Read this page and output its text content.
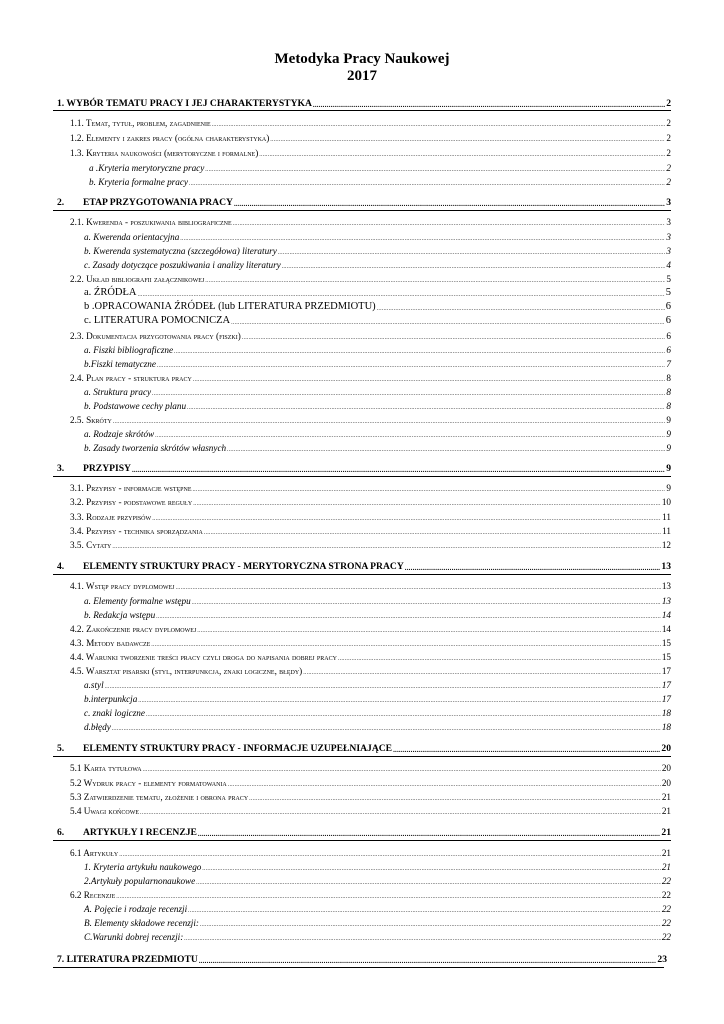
Metodyka Pracy Naukowej
2017
1. WYBÓR TEMATU PRACY I JEJ CHARAKTERYSTYKA .....	2
1.1. Temat, tytuł, problem, zagadnienie .....	2
1.2. Elementy i zakres pracy (ogólna charakterystyka) .....	2
1.3. Kryteria naukowości (merytoryczne i formalne) .....	2
a .Kryteria merytoryczne pracy .....	2
b. Kryteria formalne pracy .....	2
2.	ETAP PRZYGOTOWANIA PRACY .....	3
2.1. Kwerenda - poszukiwania bibliograficzne .....	3
a. Kwerenda orientacyjna .....	3
b. Kwerenda systematyczna (szczegółowa) literatury .....	3
c. Zasady dotyczące poszukiwania i analizy literatury .....	4
2.2. Układ bibliografii załącznikowej .....	5
a. ŹRÓDŁA .....	5
b .OPRACOWANIA ŹRÓDEŁ (lub LITERATURA PRZEDMIOTU) .....	6
c. LITERATURA POMOCNICZA .....	6
2.3. Dokumentacja przygotowania pracy (fiszki) .....	6
a. Fiszki bibliograficzne .....	6
b.Fiszki tematyczne .....	7
2.4. Plan pracy - struktura pracy .....	8
a. Struktura pracy .....	8
b. Podstawowe cechy planu .....	8
2.5. Skróty .....	9
a. Rodzaje skrótów .....	9
b. Zasady tworzenia skrótów własnych .....	9
3.	PRZYPISY .....	9
3.1. Przypisy - informacje wstępne .....	9
3.2. Przypisy - podstawowe reguły .....	10
3.3. Rodzaje przypisów .....	11
3.4. Przypisy - technika sporządzania .....	11
3.5. Cytaty .....	12
4.	ELEMENTY STRUKTURY PRACY - MERYTORYCZNA STRONA PRACY .....	13
4.1. Wstęp pracy dyplomowej .....	13
a. Elementy formalne wstępu .....	13
b. Redakcja wstępu .....	14
4.2. Zakończenie pracy dyplomowej .....	14
4.3. Metody badawcze .....	15
4.4. Warunki tworzenie treści pracy czyli droga do napisania dobrej pracy .....	15
4.5. Warsztat pisarski (styl, interpunkcja, znaki logiczne, błędy) .....	17
a.styl .....	17
b.interpunkcja .....	17
c. znaki logiczne .....	18
d.błędy .....	18
5.	ELEMENTY STRUKTURY PRACY - INFORMACJE UZUPEŁNIAJĄCE .....	20
5.1 Karta tytułowa .....	20
5.2 Wydruk pracy - elementy formatowania .....	20
5.3 Zatwierdzenie tematu, złożenie i obrona pracy .....	21
5.4 Uwagi końcowe .....	21
6.	ARTYKUŁY I RECENZJE .....	21
6.1 Artykuły .....	21
1. Kryteria artykułu naukowego .....	21
2.Artykuły popularnonaukowe .....	22
6.2 Recenzje .....	22
A. Pojęcie i rodzaje recenzji .....	22
B. Elementy składowe recenzji: .....	22
C.Warunki dobrej recenzji: .....	22
7. LITERATURA PRZEDMIOTU .....	23
